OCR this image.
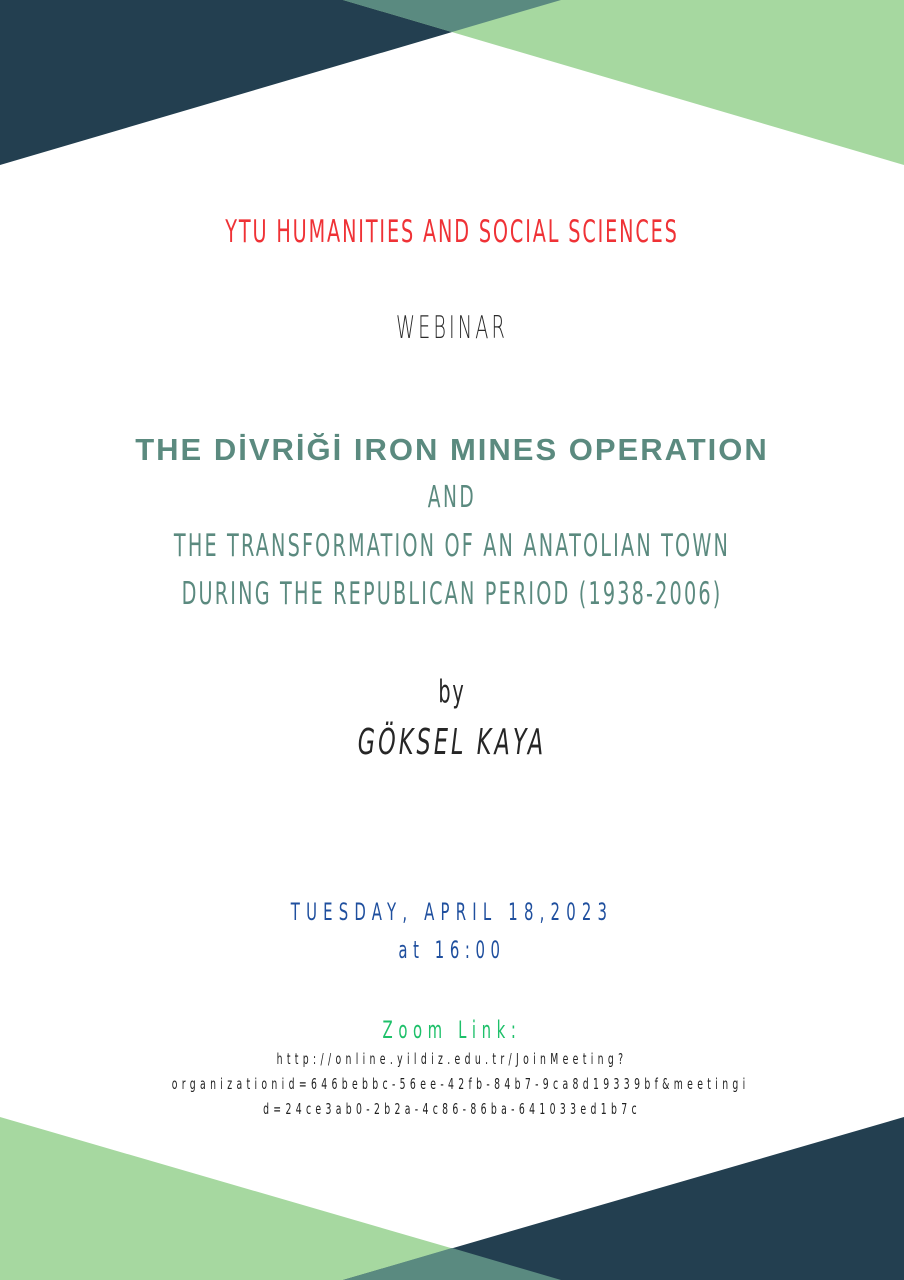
YTU HUMANITIES AND SOCIAL SCIENCES
WEBINAR
THE DİVRİĞİ IRON MINES OPERATION
AND
THE TRANSFORMATION OF AN ANATOLIAN TOWN
DURING THE REPUBLICAN PERIOD (1938-2006)
by
GÖKSEL KAYA
TUESDAY, APRIL 18,2023
at 16:00
Zoom Link:
http://online.yildiz.edu.tr/JoinMeeting?
organizationid=646bebbc-56ee-42fb-84b7-9ca8d19339bf&meetingi
d=24ce3ab0-2b2a-4c86-86ba-641033ed1b7c
